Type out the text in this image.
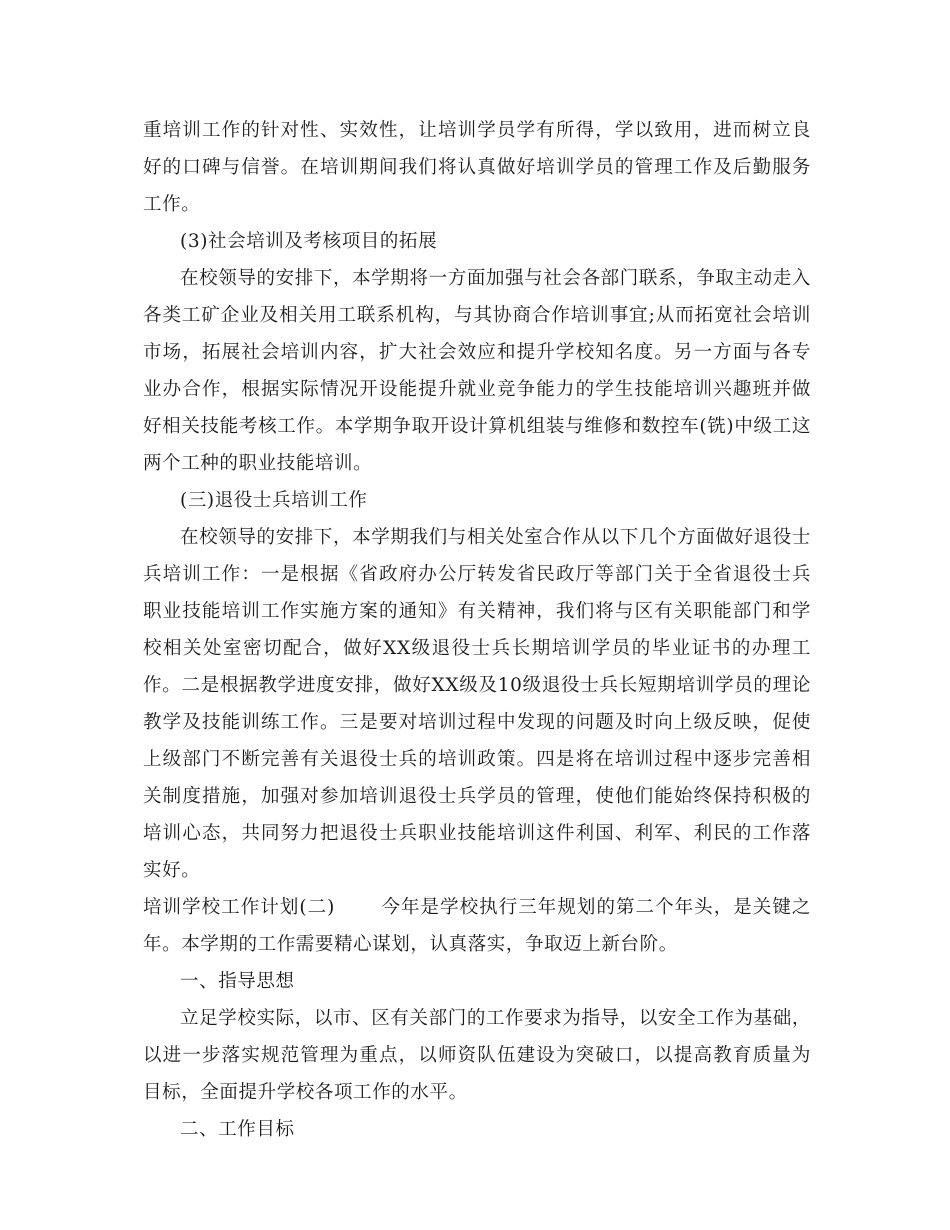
重培训工作的针对性、实效性，让培训学员学有所得，学以致用，进而树立良好的口碑与信誉。在培训期间我们将认真做好培训学员的管理工作及后勤服务工作。

(3)社会培训及考核项目的拓展

在校领导的安排下，本学期将一方面加强与社会各部门联系，争取主动走入各类工矿企业及相关用工联系机构，与其协商合作培训事宜;从而拓宽社会培训市场，拓展社会培训内容，扩大社会效应和提升学校知名度。另一方面与各专业办合作，根据实际情况开设能提升就业竞争能力的学生技能培训兴趣班并做好相关技能考核工作。本学期争取开设计算机组装与维修和数控车(铣)中级工这两个工种的职业技能培训。

(三)退役士兵培训工作

在校领导的安排下，本学期我们与相关处室合作从以下几个方面做好退役士兵培训工作：一是根据《省政府办公厅转发省民政厅等部门关于全省退役士兵职业技能培训工作实施方案的通知》有关精神，我们将与区有关职能部门和学校相关处室密切配合，做好XX级退役士兵长期培训学员的毕业证书的办理工作。二是根据教学进度安排，做好XX级及10级退役士兵长短期培训学员的理论教学及技能训练工作。三是要对培训过程中发现的问题及时向上级反映，促使上级部门不断完善有关退役士兵的培训政策。四是将在培训过程中逐步完善相关制度措施，加强对参加培训退役士兵学员的管理，使他们能始终保持积极的培训心态，共同努力把退役士兵职业技能培训这件利国、利军、利民的工作落实好。

培训学校工作计划(二)　　 今年是学校执行三年规划的第二个年头，是关键之年。本学期的工作需要精心谋划，认真落实，争取迈上新台阶。

一、指导思想

立足学校实际，以市、区有关部门的工作要求为指导，以安全工作为基础，以进一步落实规范管理为重点，以师资队伍建设为突破口，以提高教育质量为目标，全面提升学校各项工作的水平。

二、工作目标
